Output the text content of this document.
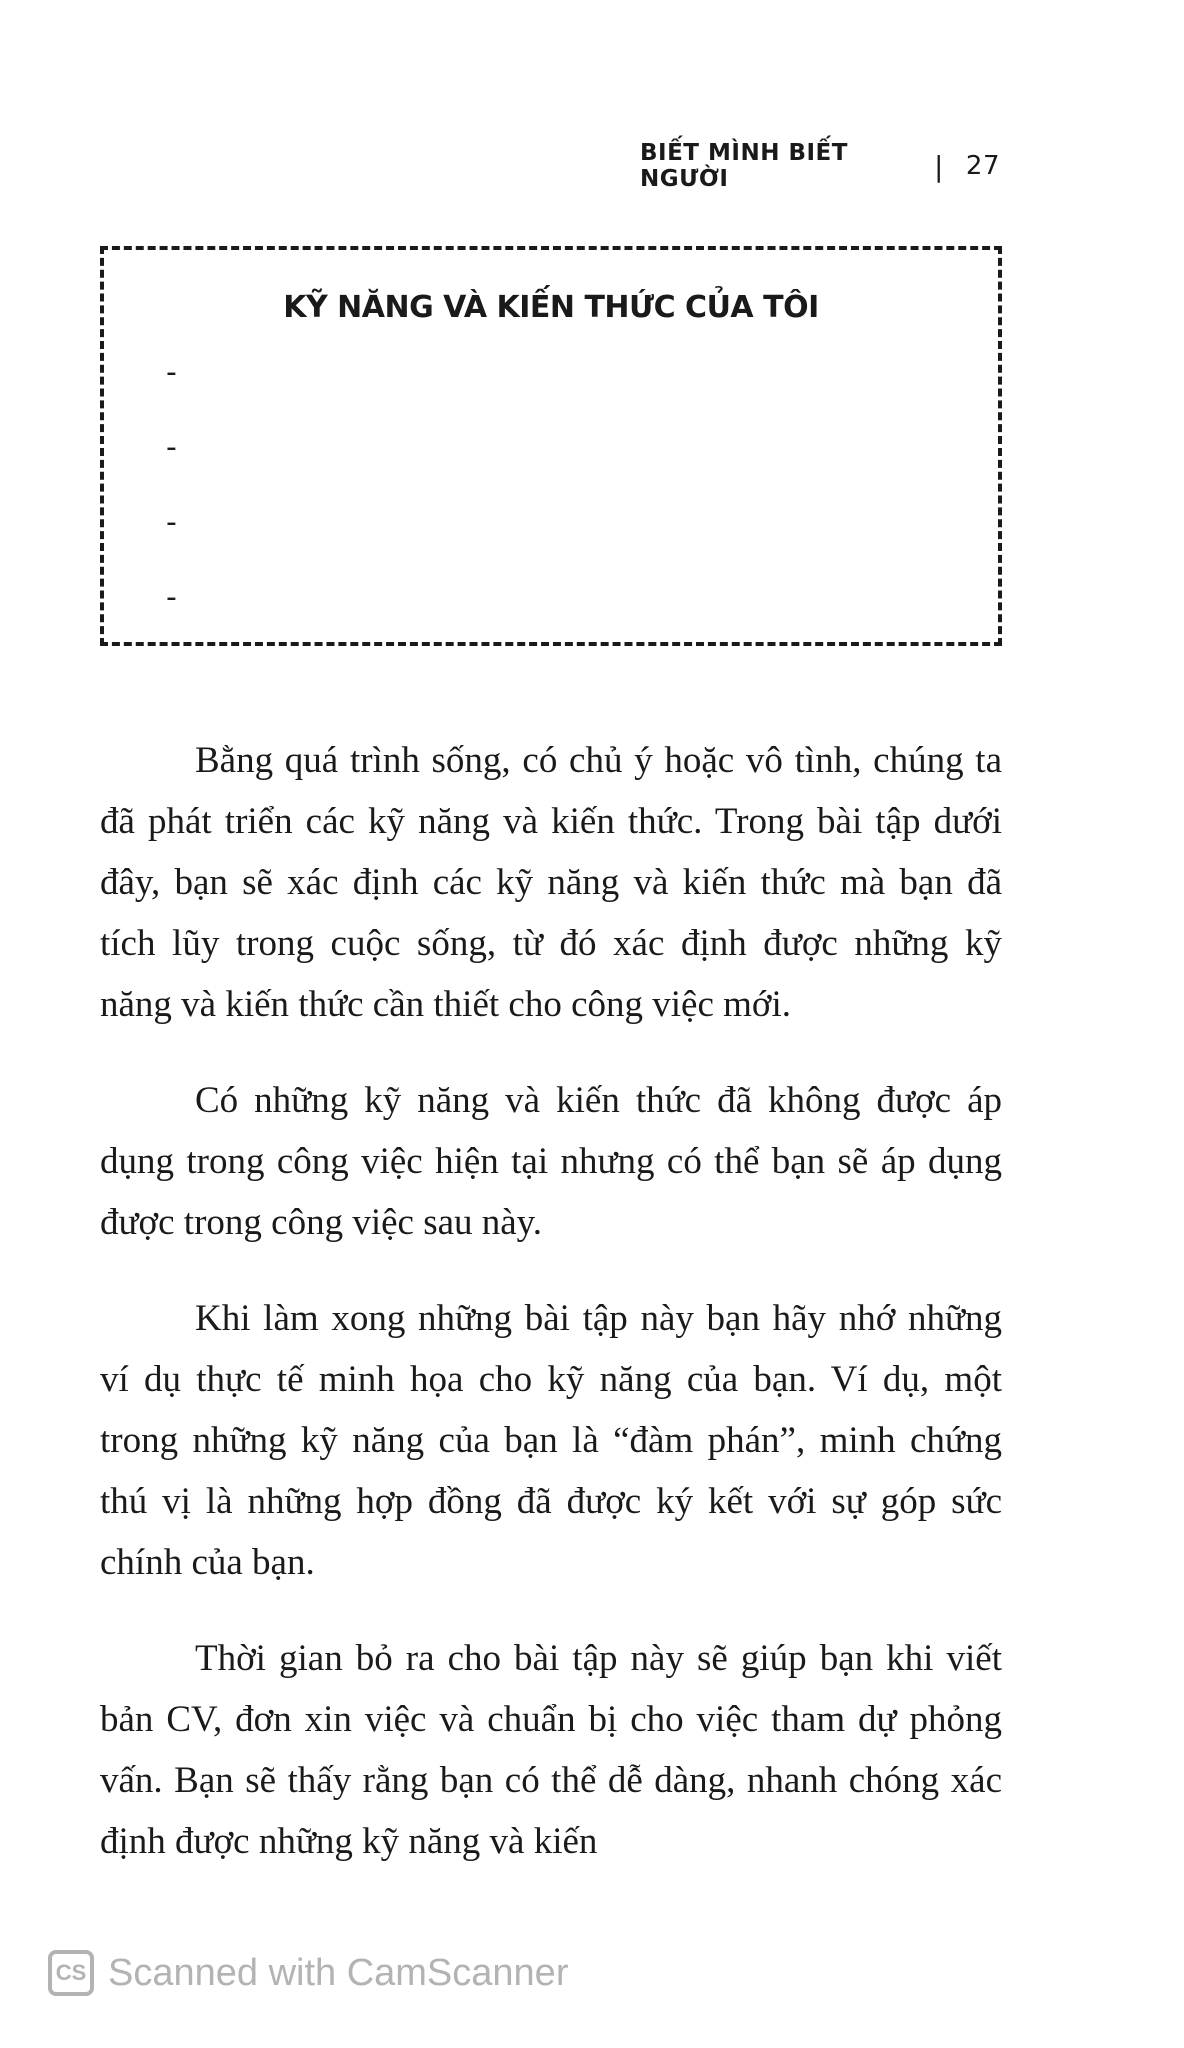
BIẾT MÌNH BIẾT NGƯỜI	| 27
KỸ NĂNG VÀ KIẾN THỨC CỦA TÔI
-
-
-
-

Bằng quá trình sống, có chủ ý hoặc vô tình, chúng ta đã phát triển các kỹ năng và kiến thức. Trong bài tập dưới đây, bạn sẽ xác định các kỹ năng và kiến thức mà bạn đã tích lũy trong cuộc sống, từ đó xác định được những kỹ năng và kiến thức cần thiết cho công việc mới.

Có những kỹ năng và kiến thức đã không được áp dụng trong công việc hiện tại nhưng có thể bạn sẽ áp dụng được trong công việc sau này.

Khi làm xong những bài tập này bạn hãy nhớ những ví dụ thực tế minh họa cho kỹ năng của bạn. Ví dụ, một trong những kỹ năng của bạn là “đàm phán”, minh chứng thú vị là những hợp đồng đã được ký kết với sự góp sức chính của bạn.

Thời gian bỏ ra cho bài tập này sẽ giúp bạn khi viết bản CV, đơn xin việc và chuẩn bị cho việc tham dự phỏng vấn. Bạn sẽ thấy rằng bạn có thể dễ dàng, nhanh chóng xác định được những kỹ năng và kiến

CS Scanned with CamScanner
